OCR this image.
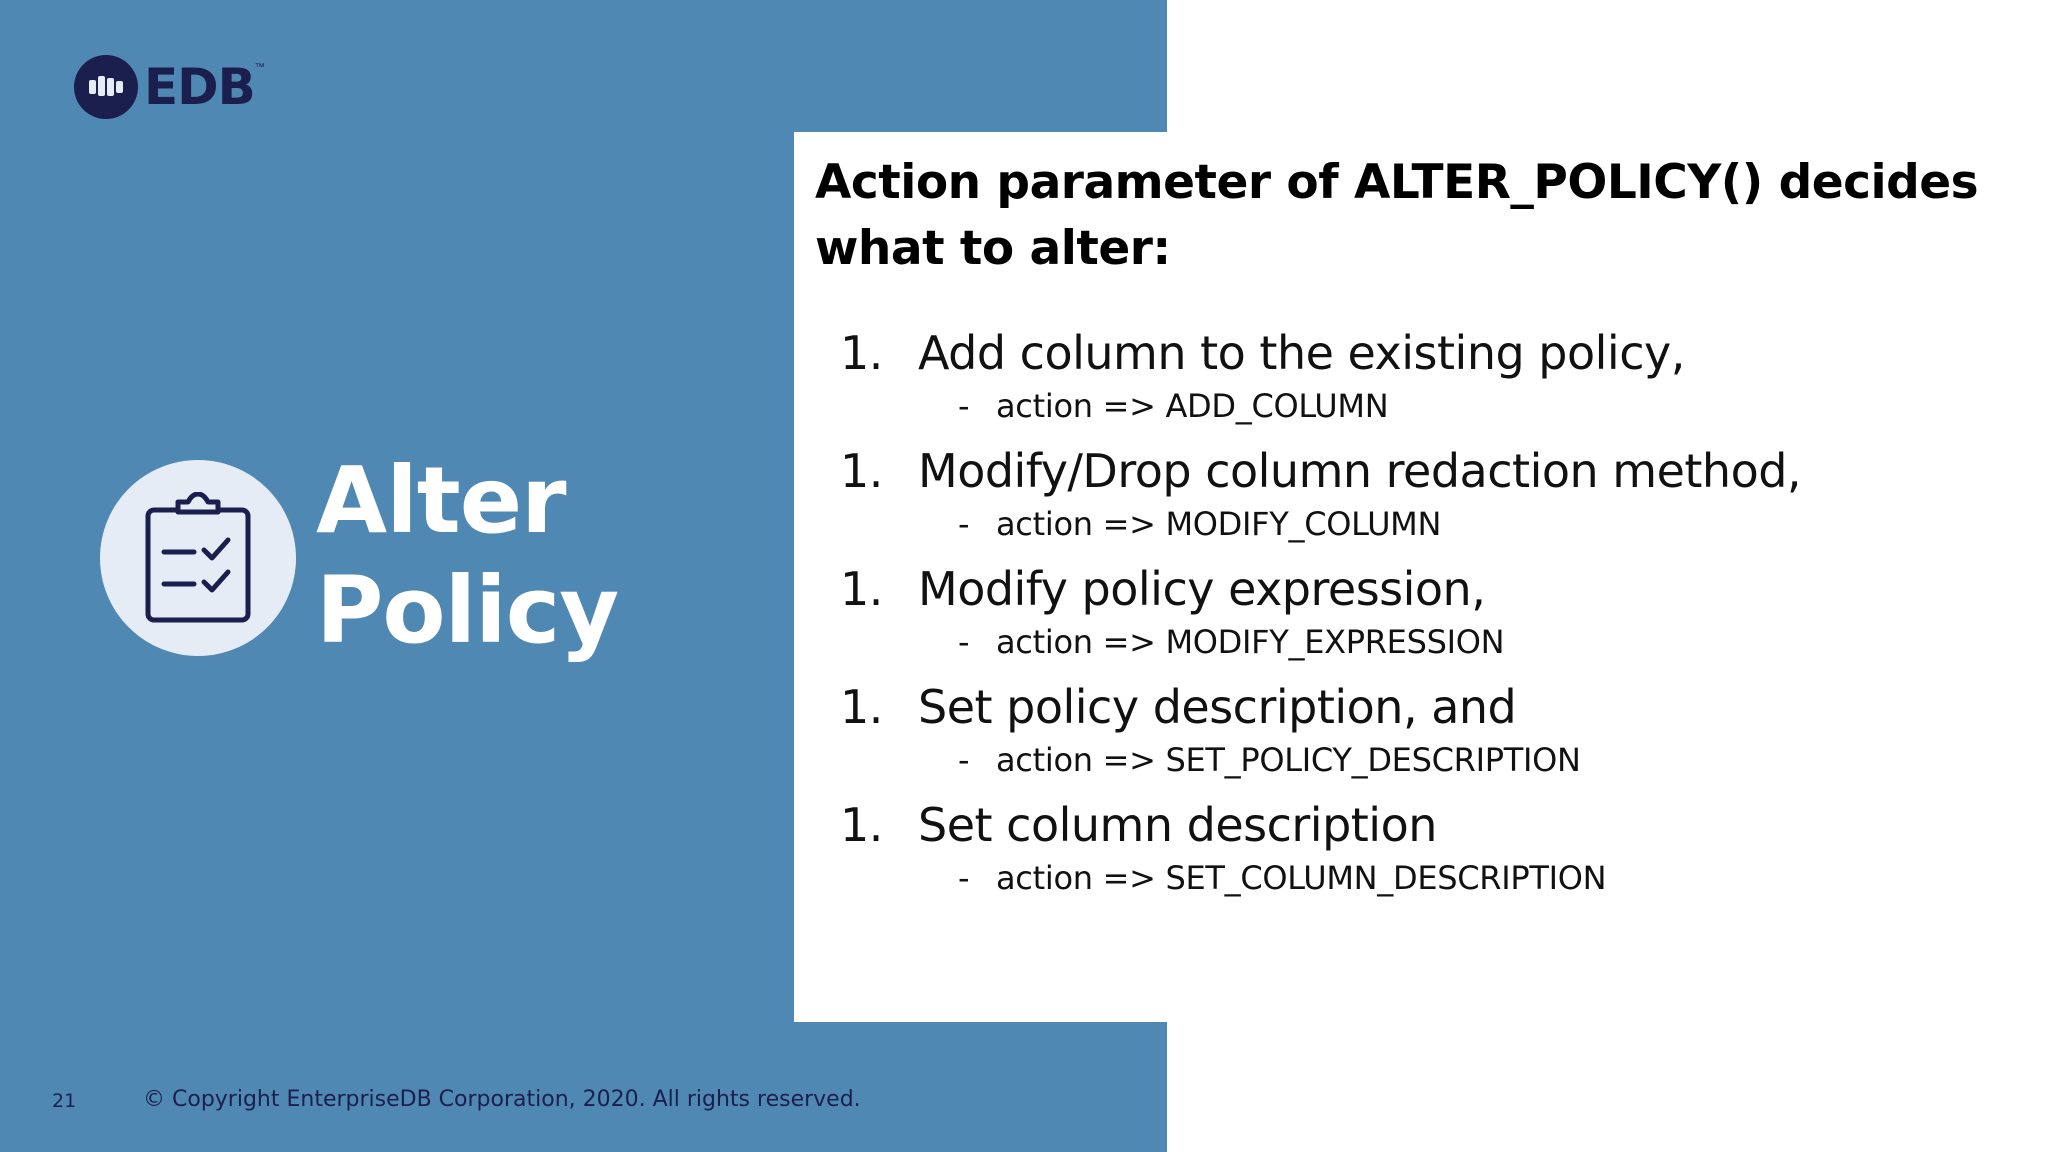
EDB ™
Alter
Policy
Action parameter of ALTER_POLICY() decides what to alter:
1. Add column to the existing policy,
- action => ADD_COLUMN
1. Modify/Drop column redaction method,
- action => MODIFY_COLUMN
1. Modify policy expression,
- action => MODIFY_EXPRESSION
1. Set policy description, and
- action => SET_POLICY_DESCRIPTION
1. Set column description
- action => SET_COLUMN_DESCRIPTION
21	© Copyright EnterpriseDB Corporation, 2020. All rights reserved.
